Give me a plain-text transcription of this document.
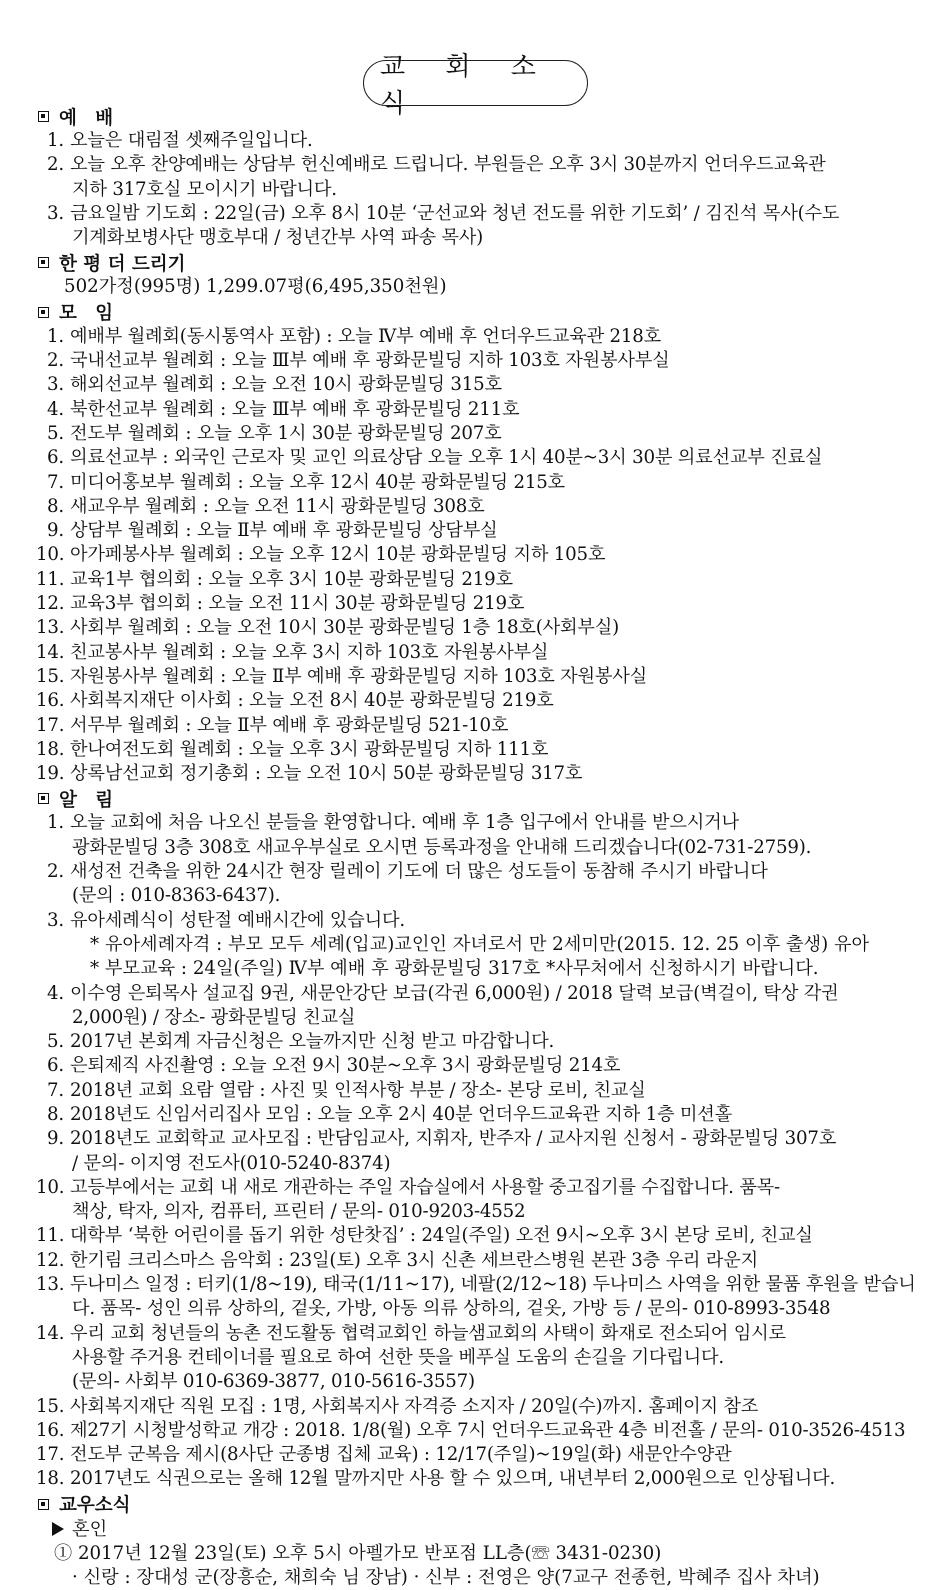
교 회 소 식
예 배
1. 오늘은 대림절 셋째주일입니다.
2. 오늘 오후 찬양예배는 상담부 헌신예배로 드립니다. 부원들은 오후 3시 30분까지 언더우드교육관
지하 317호실 모이시기 바랍니다.
3. 금요일밤 기도회 : 22일(금) 오후 8시 10분 ‘군선교와 청년 전도를 위한 기도회’ / 김진석 목사(수도
기계화보병사단 맹호부대 / 청년간부 사역 파송 목사)
한 평 더 드리기
502가정(995명) 1,299.07평(6,495,350천원)
모 임
1. 예배부 월례회(동시통역사 포함) : 오늘 Ⅳ부 예배 후 언더우드교육관 218호
2. 국내선교부 월례회 : 오늘 Ⅲ부 예배 후 광화문빌딩 지하 103호 자원봉사부실
3. 해외선교부 월례회 : 오늘 오전 10시 광화문빌딩 315호
4. 북한선교부 월례회 : 오늘 Ⅲ부 예배 후 광화문빌딩 211호
5. 전도부 월례회 : 오늘 오후 1시 30분 광화문빌딩 207호
6. 의료선교부 : 외국인 근로자 및 교인 의료상담 오늘 오후 1시 40분~3시 30분 의료선교부 진료실
7. 미디어홍보부 월례회 : 오늘 오후 12시 40분 광화문빌딩 215호
8. 새교우부 월례회 : 오늘 오전 11시 광화문빌딩 308호
9. 상담부 월례회 : 오늘 Ⅱ부 예배 후 광화문빌딩 상담부실
10. 아가페봉사부 월례회 : 오늘 오후 12시 10분 광화문빌딩 지하 105호
11. 교육1부 협의회 : 오늘 오후 3시 10분 광화문빌딩 219호
12. 교육3부 협의회 : 오늘 오전 11시 30분 광화문빌딩 219호
13. 사회부 월례회 : 오늘 오전 10시 30분 광화문빌딩 1층 18호(사회부실)
14. 친교봉사부 월례회 : 오늘 오후 3시 지하 103호 자원봉사부실
15. 자원봉사부 월례회 : 오늘 Ⅱ부 예배 후 광화문빌딩 지하 103호 자원봉사실
16. 사회복지재단 이사회 : 오늘 오전 8시 40분 광화문빌딩 219호
17. 서무부 월례회 : 오늘 Ⅱ부 예배 후 광화문빌딩 521-10호
18. 한나여전도회 월례회 : 오늘 오후 3시 광화문빌딩 지하 111호
19. 상록남선교회 정기총회 : 오늘 오전 10시 50분 광화문빌딩 317호
알 림
1. 오늘 교회에 처음 나오신 분들을 환영합니다. 예배 후 1층 입구에서 안내를 받으시거나
광화문빌딩 3층 308호 새교우부실로 오시면 등록과정을 안내해 드리겠습니다(02-731-2759).
2. 새성전 건축을 위한 24시간 현장 릴레이 기도에 더 많은 성도들이 동참해 주시기 바랍니다
(문의 : 010-8363-6437).
3. 유아세례식이 성탄절 예배시간에 있습니다.
* 유아세례자격 : 부모 모두 세례(입교)교인인 자녀로서 만 2세미만(2015. 12. 25 이후 출생) 유아
* 부모교육 : 24일(주일) Ⅳ부 예배 후 광화문빌딩 317호 *사무처에서 신청하시기 바랍니다.
4. 이수영 은퇴목사 설교집 9권, 새문안강단 보급(각권 6,000원) / 2018 달력 보급(벽걸이, 탁상 각권
2,000원) / 장소- 광화문빌딩 친교실
5. 2017년 본회계 자금신청은 오늘까지만 신청 받고 마감합니다.
6. 은퇴제직 사진촬영 : 오늘 오전 9시 30분~오후 3시 광화문빌딩 214호
7. 2018년 교회 요람 열람 : 사진 및 인적사항 부분 / 장소- 본당 로비, 친교실
8. 2018년도 신임서리집사 모임 : 오늘 오후 2시 40분 언더우드교육관 지하 1층 미션홀
9. 2018년도 교회학교 교사모집 : 반담임교사, 지휘자, 반주자 / 교사지원 신청서 - 광화문빌딩 307호
/ 문의- 이지영 전도사(010-5240-8374)
10. 고등부에서는 교회 내 새로 개관하는 주일 자습실에서 사용할 중고집기를 수집합니다. 품목-
책상, 탁자, 의자, 컴퓨터, 프린터 / 문의- 010-9203-4552
11. 대학부 ‘북한 어린이를 돕기 위한 성탄찻집’ : 24일(주일) 오전 9시~오후 3시 본당 로비, 친교실
12. 한기림 크리스마스 음악회 : 23일(토) 오후 3시 신촌 세브란스병원 본관 3층 우리 라운지
13. 두나미스 일정 : 터키(1/8~19), 태국(1/11~17), 네팔(2/12~18) 두나미스 사역을 위한 물품 후원을 받습니
다. 품목- 성인 의류 상하의, 겉옷, 가방, 아동 의류 상하의, 겉옷, 가방 등 / 문의- 010-8993-3548
14. 우리 교회 청년들의 농촌 전도활동 협력교회인 하늘샘교회의 사택이 화재로 전소되어 임시로
사용할 주거용 컨테이너를 필요로 하여 선한 뜻을 베푸실 도움의 손길을 기다립니다.
(문의- 사회부 010-6369-3877, 010-5616-3557)
15. 사회복지재단 직원 모집 : 1명, 사회복지사 자격증 소지자 / 20일(수)까지. 홈페이지 참조
16. 제27기 시청발성학교 개강 : 2018. 1/8(월) 오후 7시 언더우드교육관 4층 비전홀 / 문의- 010-3526-4513
17. 전도부 군복음 제시(8사단 군종병 집체 교육) : 12/17(주일)~19일(화) 새문안수양관
18. 2017년도 식권으로는 올해 12월 말까지만 사용 할 수 있으며, 내년부터 2,000원으로 인상됩니다.
교우소식
혼인
① 2017년 12월 23일(토) 오후 5시 아펠가모 반포점 LL층(☏ 3431-0230)
· 신랑 : 장대성 군(장흥순, 채희숙 님 장남) · 신부 : 전영은 양(7교구 전종헌, 박혜주 집사 차녀)
